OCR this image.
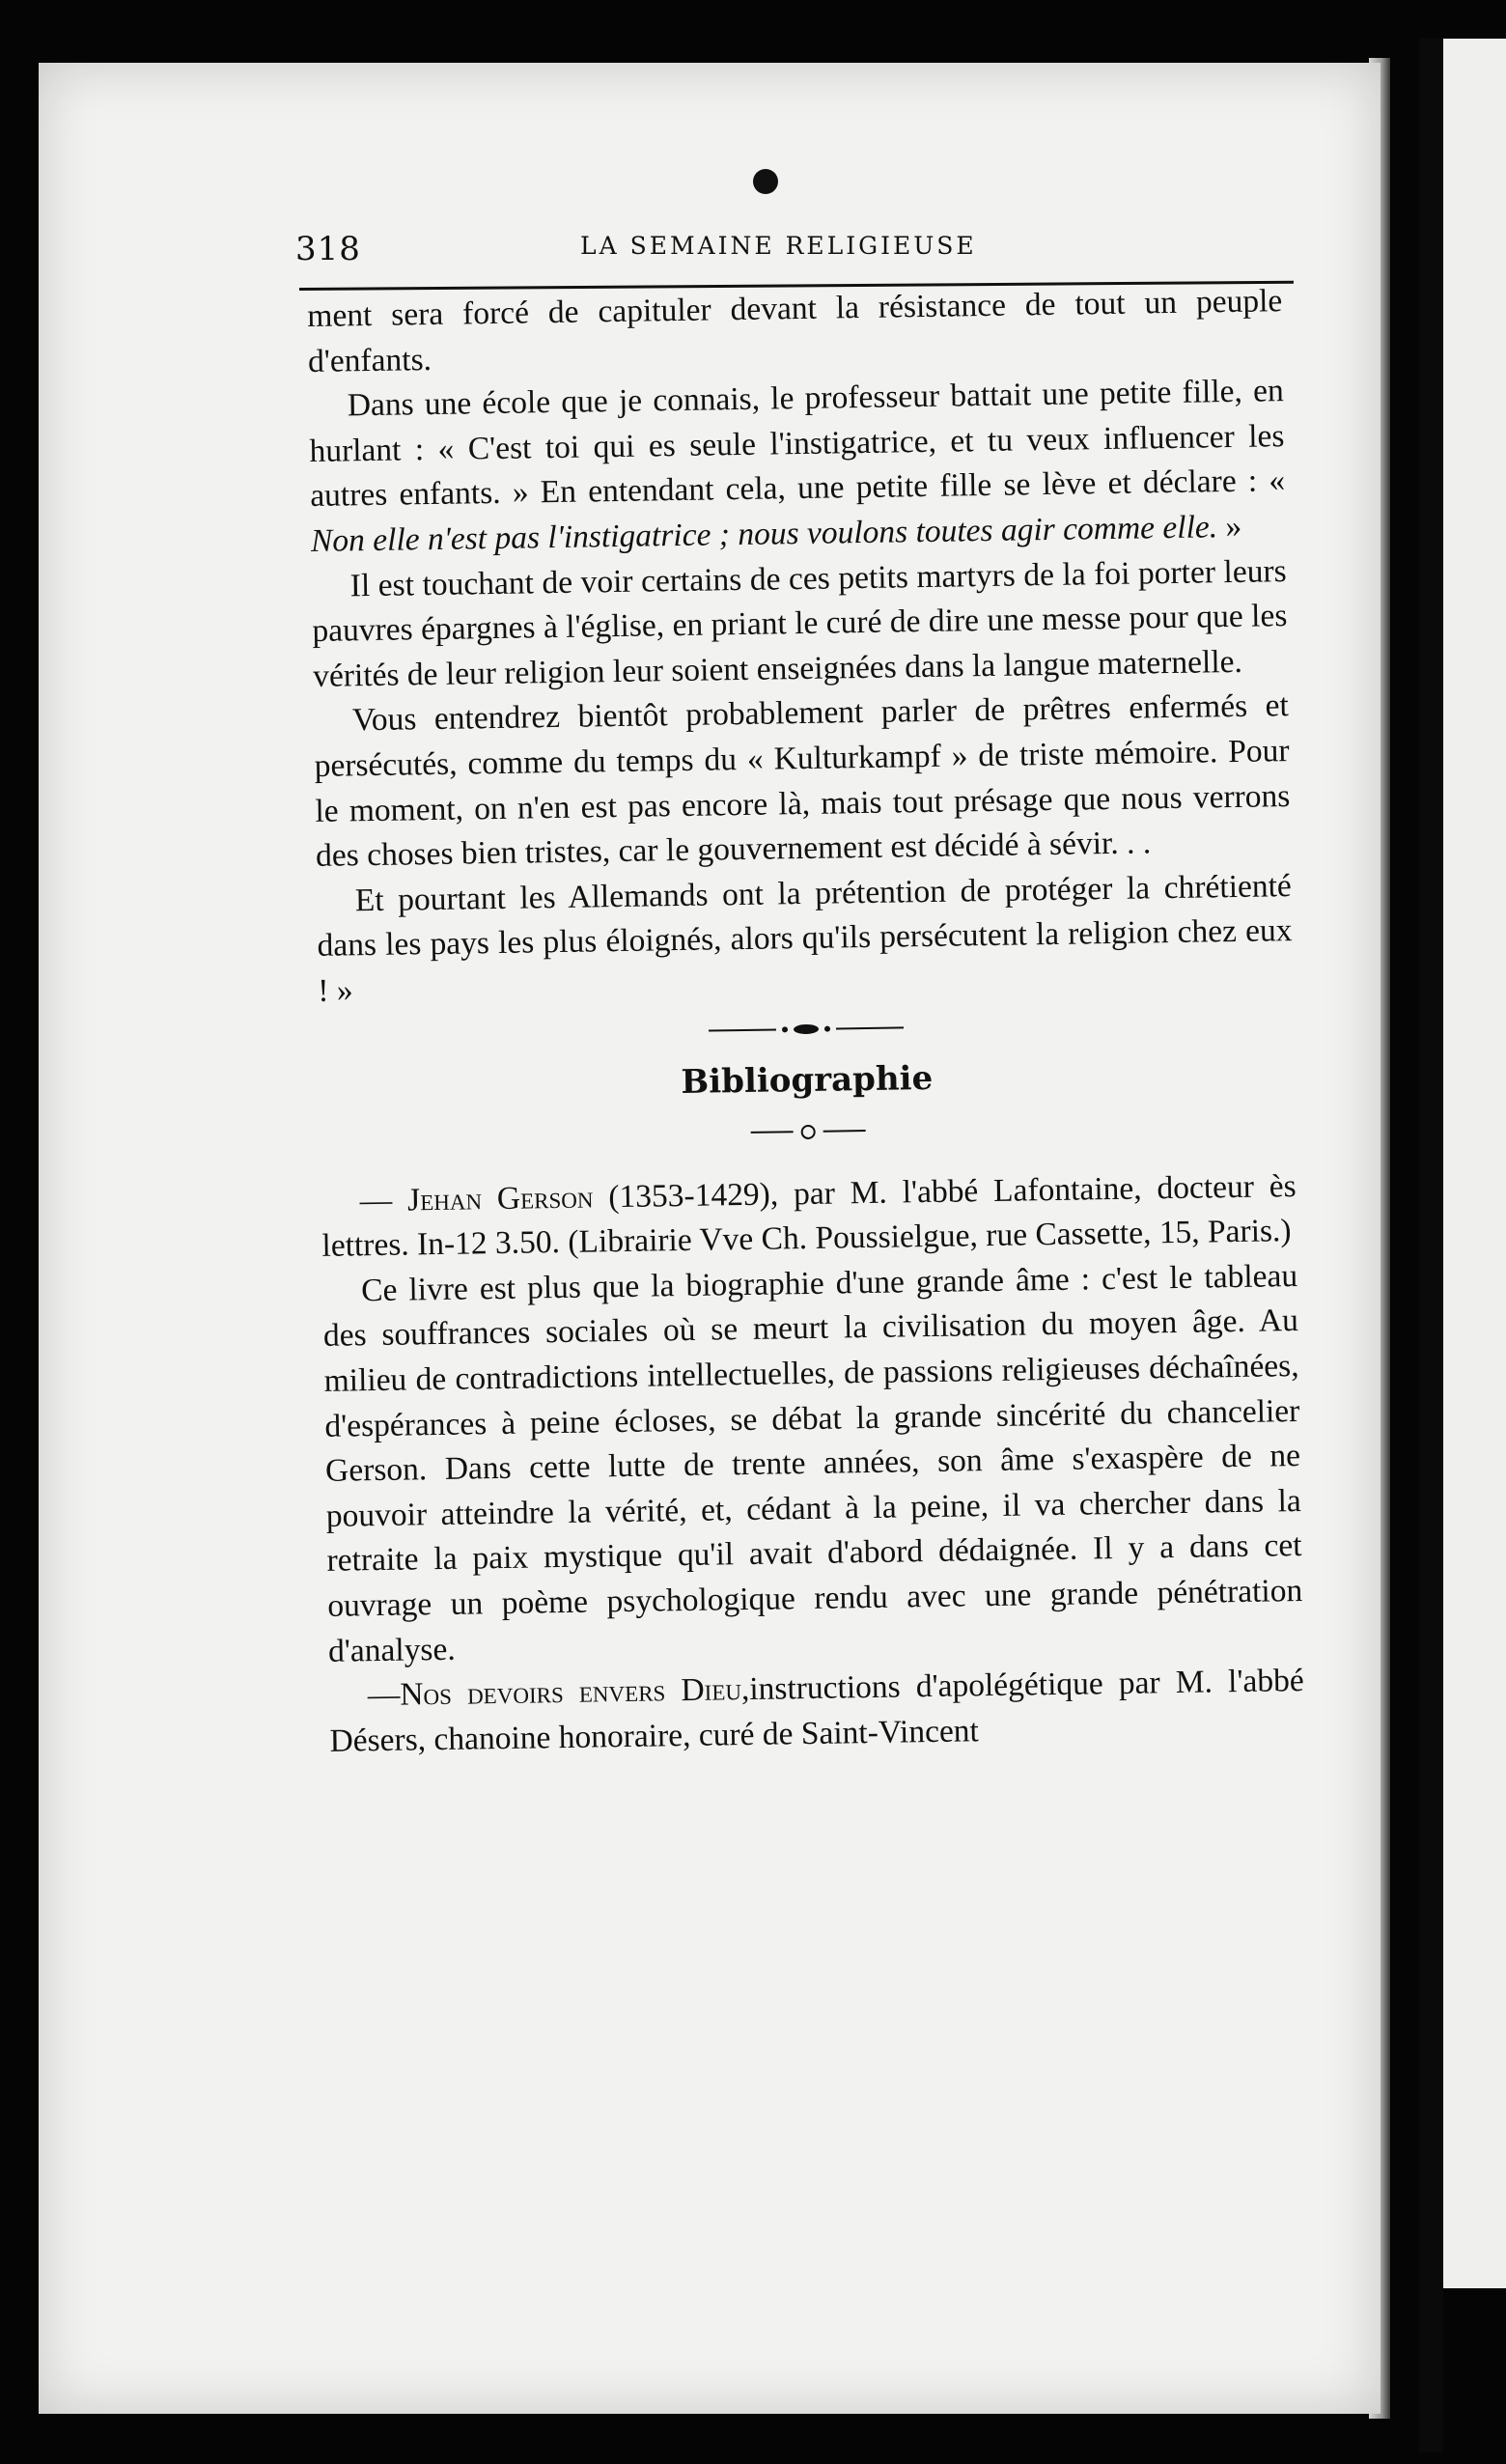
318	LA SEMAINE RELIGIEUSE

ment sera forcé de capituler devant la résistance de tout un peuple d'enfants.

Dans une école que je connais, le professeur battait une petite fille, en hurlant : « C'est toi qui es seule l'instigatrice, et tu veux influencer les autres enfants. » En entendant cela, une petite fille se lève et déclare : « Non elle n'est pas l'instigatrice ; nous voulons toutes agir comme elle. »

Il est touchant de voir certains de ces petits martyrs de la foi porter leurs pauvres épargnes à l'église, en priant le curé de dire une messe pour que les vérités de leur religion leur soient enseignées dans la langue maternelle.

Vous entendrez bientôt probablement parler de prêtres enfermés et persécutés, comme du temps du « Kulturkampf » de triste mémoire. Pour le moment, on n'en est pas encore là, mais tout présage que nous verrons des choses bien tristes, car le gouvernement est décidé à sévir. . .

Et pourtant les Allemands ont la prétention de protéger la chrétienté dans les pays les plus éloignés, alors qu'ils persécutent la religion chez eux ! »

Bibliographie

— Jehan Gerson (1353-1429), par M. l'abbé Lafontaine, docteur ès lettres. In-12 3.50. (Librairie Vve Ch. Poussielgue, rue Cassette, 15, Paris.)

Ce livre est plus que la biographie d'une grande âme : c'est le tableau des souffrances sociales où se meurt la civilisation du moyen âge. Au milieu de contradictions intellectuelles, de passions religieuses déchaînées, d'espérances à peine écloses, se débat la grande sincérité du chancelier Gerson. Dans cette lutte de trente années, son âme s'exaspère de ne pouvoir atteindre la vérité, et, cédant à la peine, il va chercher dans la retraite la paix mystique qu'il avait d'abord dédaignée. Il y a dans cet ouvrage un poème psychologique rendu avec une grande pénétration d'analyse.

—Nos devoirs envers Dieu,instructions d'apolégétique par M. l'abbé Désers, chanoine honoraire, curé de Saint-Vincent
